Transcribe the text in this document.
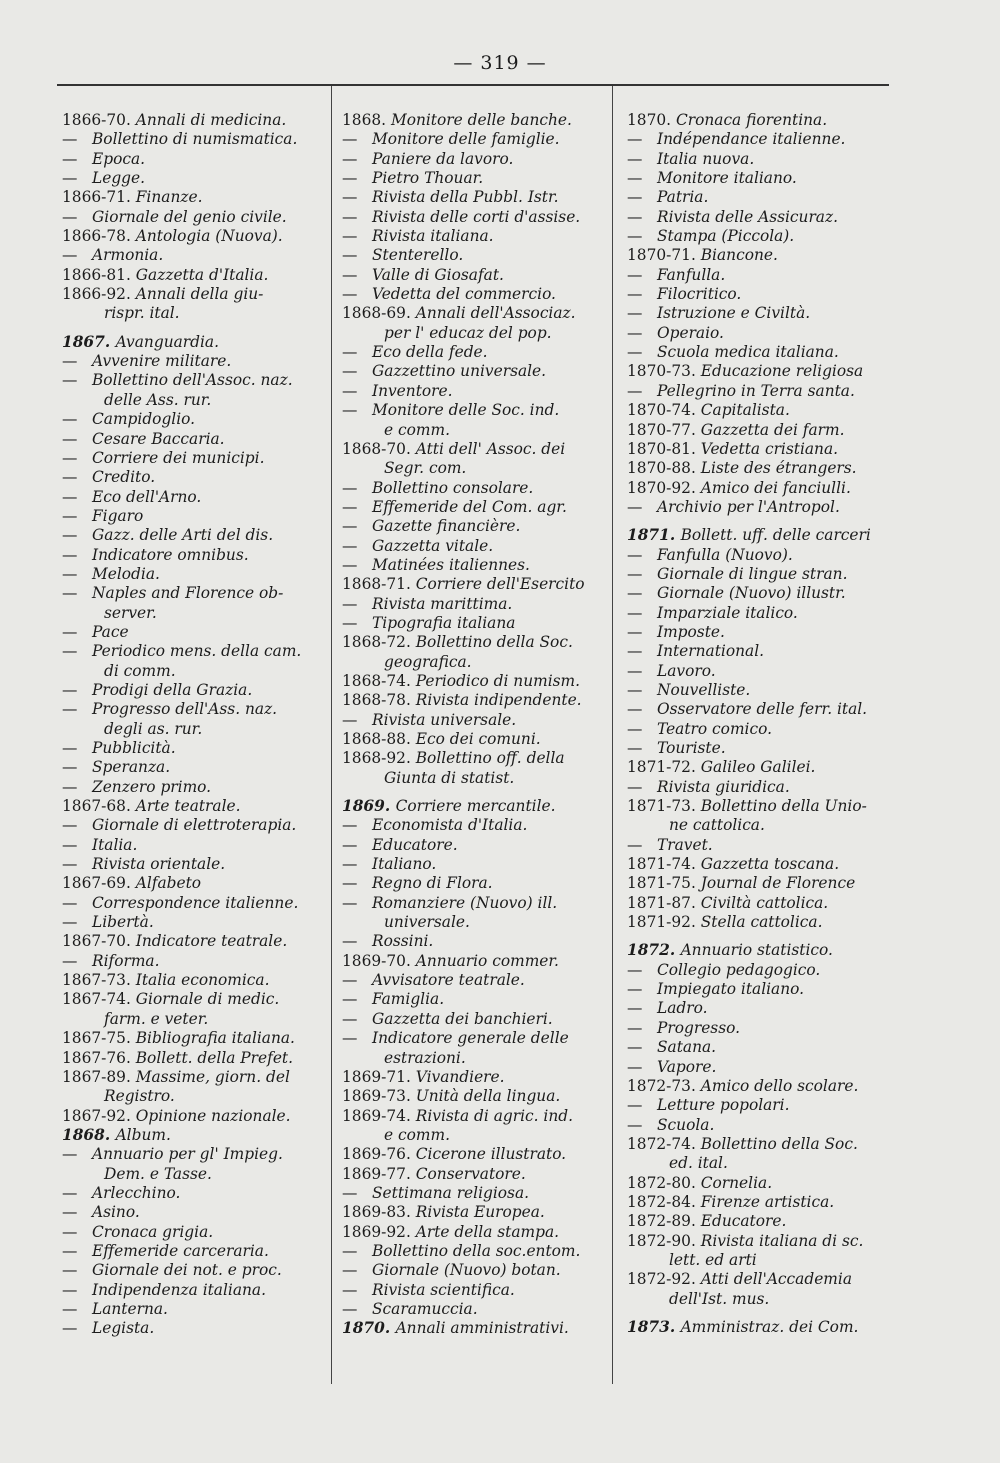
— 319 —
1866-70. Annali di medicina.
— Bollettino di numismatica.
— Epoca.
— Legge.
1866-71. Finanze.
— Giornale del genio civile.
1866-78. Antologia (Nuova).
— Armonia.
1866-81. Gazzetta d'Italia.
1866-92. Annali della giu-
rispr. ital.
1867. Avanguardia.
— Avvenire militare.
— Bollettino dell'Assoc. naz.
delle Ass. rur.
— Campidoglio.
— Cesare Baccaria.
— Corriere dei municipi.
— Credito.
— Eco dell'Arno.
— Figaro
— Gazz. delle Arti del dis.
— Indicatore omnibus.
— Melodia.
— Naples and Florence ob-
server.
— Pace
— Periodico mens. della cam.
di comm.
— Prodigi della Grazia.
— Progresso dell'Ass. naz.
degli as. rur.
— Pubblicità.
— Speranza.
— Zenzero primo.
1867-68. Arte teatrale.
— Giornale di elettroterapia.
— Italia.
— Rivista orientale.
1867-69. Alfabeto
— Correspondence italienne.
— Libertà.
1867-70. Indicatore teatrale.
— Riforma.
1867-73. Italia economica.
1867-74. Giornale di medic.
farm. e veter.
1867-75. Bibliografia italiana.
1867-76. Bollett. della Prefet.
1867-89. Massime, giorn. del
Registro.
1867-92. Opinione nazionale.
1868. Album.
— Annuario per gl' Impieg.
Dem. e Tasse.
— Arlecchino.
— Asino.
— Cronaca grigia.
— Effemeride carceraria.
— Giornale dei not. e proc.
— Indipendenza italiana.
— Lanterna.
— Legista.
1868. Monitore delle banche.
— Monitore delle famiglie.
— Paniere da lavoro.
— Pietro Thouar.
— Rivista della Pubbl. Istr.
— Rivista delle corti d'assise.
— Rivista italiana.
— Stenterello.
— Valle di Giosafat.
— Vedetta del commercio.
1868-69. Annali dell'Associaz.
per l' educaz del pop.
— Eco della fede.
— Gazzettino universale.
— Inventore.
— Monitore delle Soc. ind.
e comm.
1868-70. Atti dell' Assoc. dei
Segr. com.
— Bollettino consolare.
— Effemeride del Com. agr.
— Gazette financière.
— Gazzetta vitale.
— Matinées italiennes.
1868-71. Corriere dell'Esercito
— Rivista marittima.
— Tipografia italiana
1868-72. Bollettino della Soc.
geografica.
1868-74. Periodico di numism.
1868-78. Rivista indipendente.
— Rivista universale.
1868-88. Eco dei comuni.
1868-92. Bollettino off. della
Giunta di statist.
1869. Corriere mercantile.
— Economista d'Italia.
— Educatore.
— Italiano.
— Regno di Flora.
— Romanziere (Nuovo) ill.
universale.
— Rossini.
1869-70. Annuario commer.
— Avvisatore teatrale.
— Famiglia.
— Gazzetta dei banchieri.
— Indicatore generale delle
estrazioni.
1869-71. Vivandiere.
1869-73. Unità della lingua.
1869-74. Rivista di agric. ind.
e comm.
1869-76. Cicerone illustrato.
1869-77. Conservatore.
— Settimana religiosa.
1869-83. Rivista Europea.
1869-92. Arte della stampa.
— Bollettino della soc.entom.
— Giornale (Nuovo) botan.
— Rivista scientifica.
— Scaramuccia.
1870. Annali amministrativi.
1870. Cronaca fiorentina.
— Indépendance italienne.
— Italia nuova.
— Monitore italiano.
— Patria.
— Rivista delle Assicuraz.
— Stampa (Piccola).
1870-71. Biancone.
— Fanfulla.
— Filocritico.
— Istruzione e Civiltà.
— Operaio.
— Scuola medica italiana.
1870-73. Educazione religiosa
— Pellegrino in Terra santa.
1870-74. Capitalista.
1870-77. Gazzetta dei farm.
1870-81. Vedetta cristiana.
1870-88. Liste des étrangers.
1870-92. Amico dei fanciulli.
— Archivio per l'Antropol.
1871. Bollett. uff. delle carceri
— Fanfulla (Nuovo).
— Giornale di lingue stran.
— Giornale (Nuovo) illustr.
— Imparziale italico.
— Imposte.
— International.
— Lavoro.
— Nouvelliste.
— Osservatore delle ferr. ital.
— Teatro comico.
— Touriste.
1871-72. Galileo Galilei.
— Rivista giuridica.
1871-73. Bollettino della Unio-
ne cattolica.
— Travet.
1871-74. Gazzetta toscana.
1871-75. Journal de Florence
1871-87. Civiltà cattolica.
1871-92. Stella cattolica.
1872. Annuario statistico.
— Collegio pedagogico.
— Impiegato italiano.
— Ladro.
— Progresso.
— Satana.
— Vapore.
1872-73. Amico dello scolare.
— Letture popolari.
— Scuola.
1872-74. Bollettino della Soc.
ed. ital.
1872-80. Cornelia.
1872-84. Firenze artistica.
1872-89. Educatore.
1872-90. Rivista italiana di sc.
lett. ed arti
1872-92. Atti dell'Accademia
dell'Ist. mus.
1873. Amministraz. dei Com.
